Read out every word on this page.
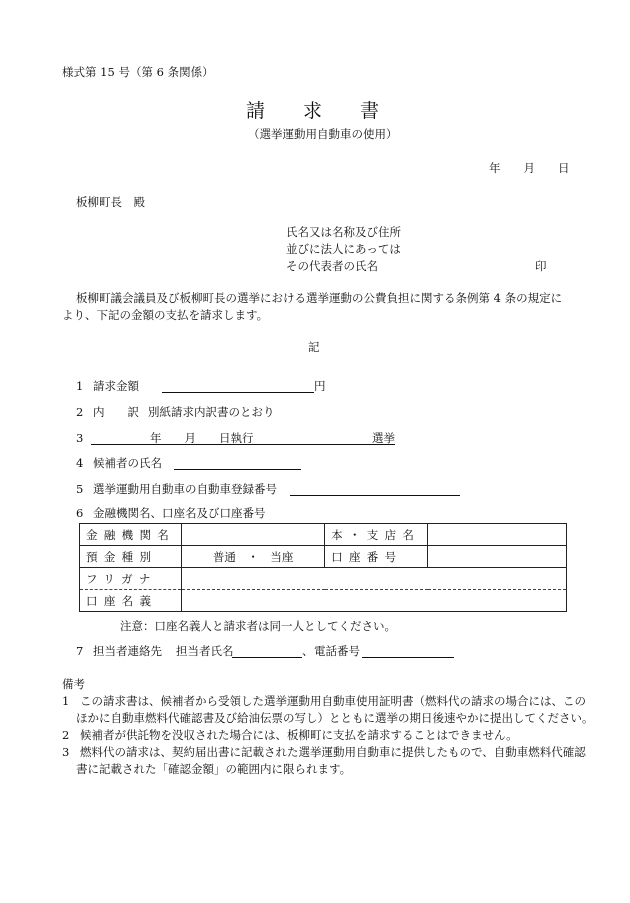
様式第 15 号（第 6 条関係）
請　　求　　書
（選挙運動用自動車の使用）
年　　月　　日
板柳町長　殿
氏名又は名称及び住所
並びに法人にあっては
その代表者の氏名	印
板柳町議会議員及び板柳町長の選挙における選挙運動の公費負担に関する条例第 4 条の規定に
より、下記の金額の支払を請求します。
記
1 請求金額	円
2 内　　訳 別紙請求内訳書のとおり
3	年　　月　　日執行	選挙
4 候補者の氏名
5 選挙運動用自動車の自動車登録番号
6 金融機関名、口座名及び口座番号
金融機関名		本・支店名	
預金種別	普通　・　当座	口座番号	
フリガナ			
口座名義			
注意：口座名義人と請求者は同一人としてください。
7 担当者連絡先 担当者氏名	、 電話番号
備考
1 この請求書は、候補者から受領した選挙運動用自動車使用証明書（燃料代の請求の場合には、この
ほかに自動車燃料代確認書及び給油伝票の写し）とともに選挙の期日後速やかに提出してください。
2 候補者が供託物を没収された場合には、板柳町に支払を請求することはできません。
3 燃料代の請求は、契約届出書に記載された選挙運動用自動車に提供したもので、自動車燃料代確認
書に記載された「確認金額」の範囲内に限られます。
